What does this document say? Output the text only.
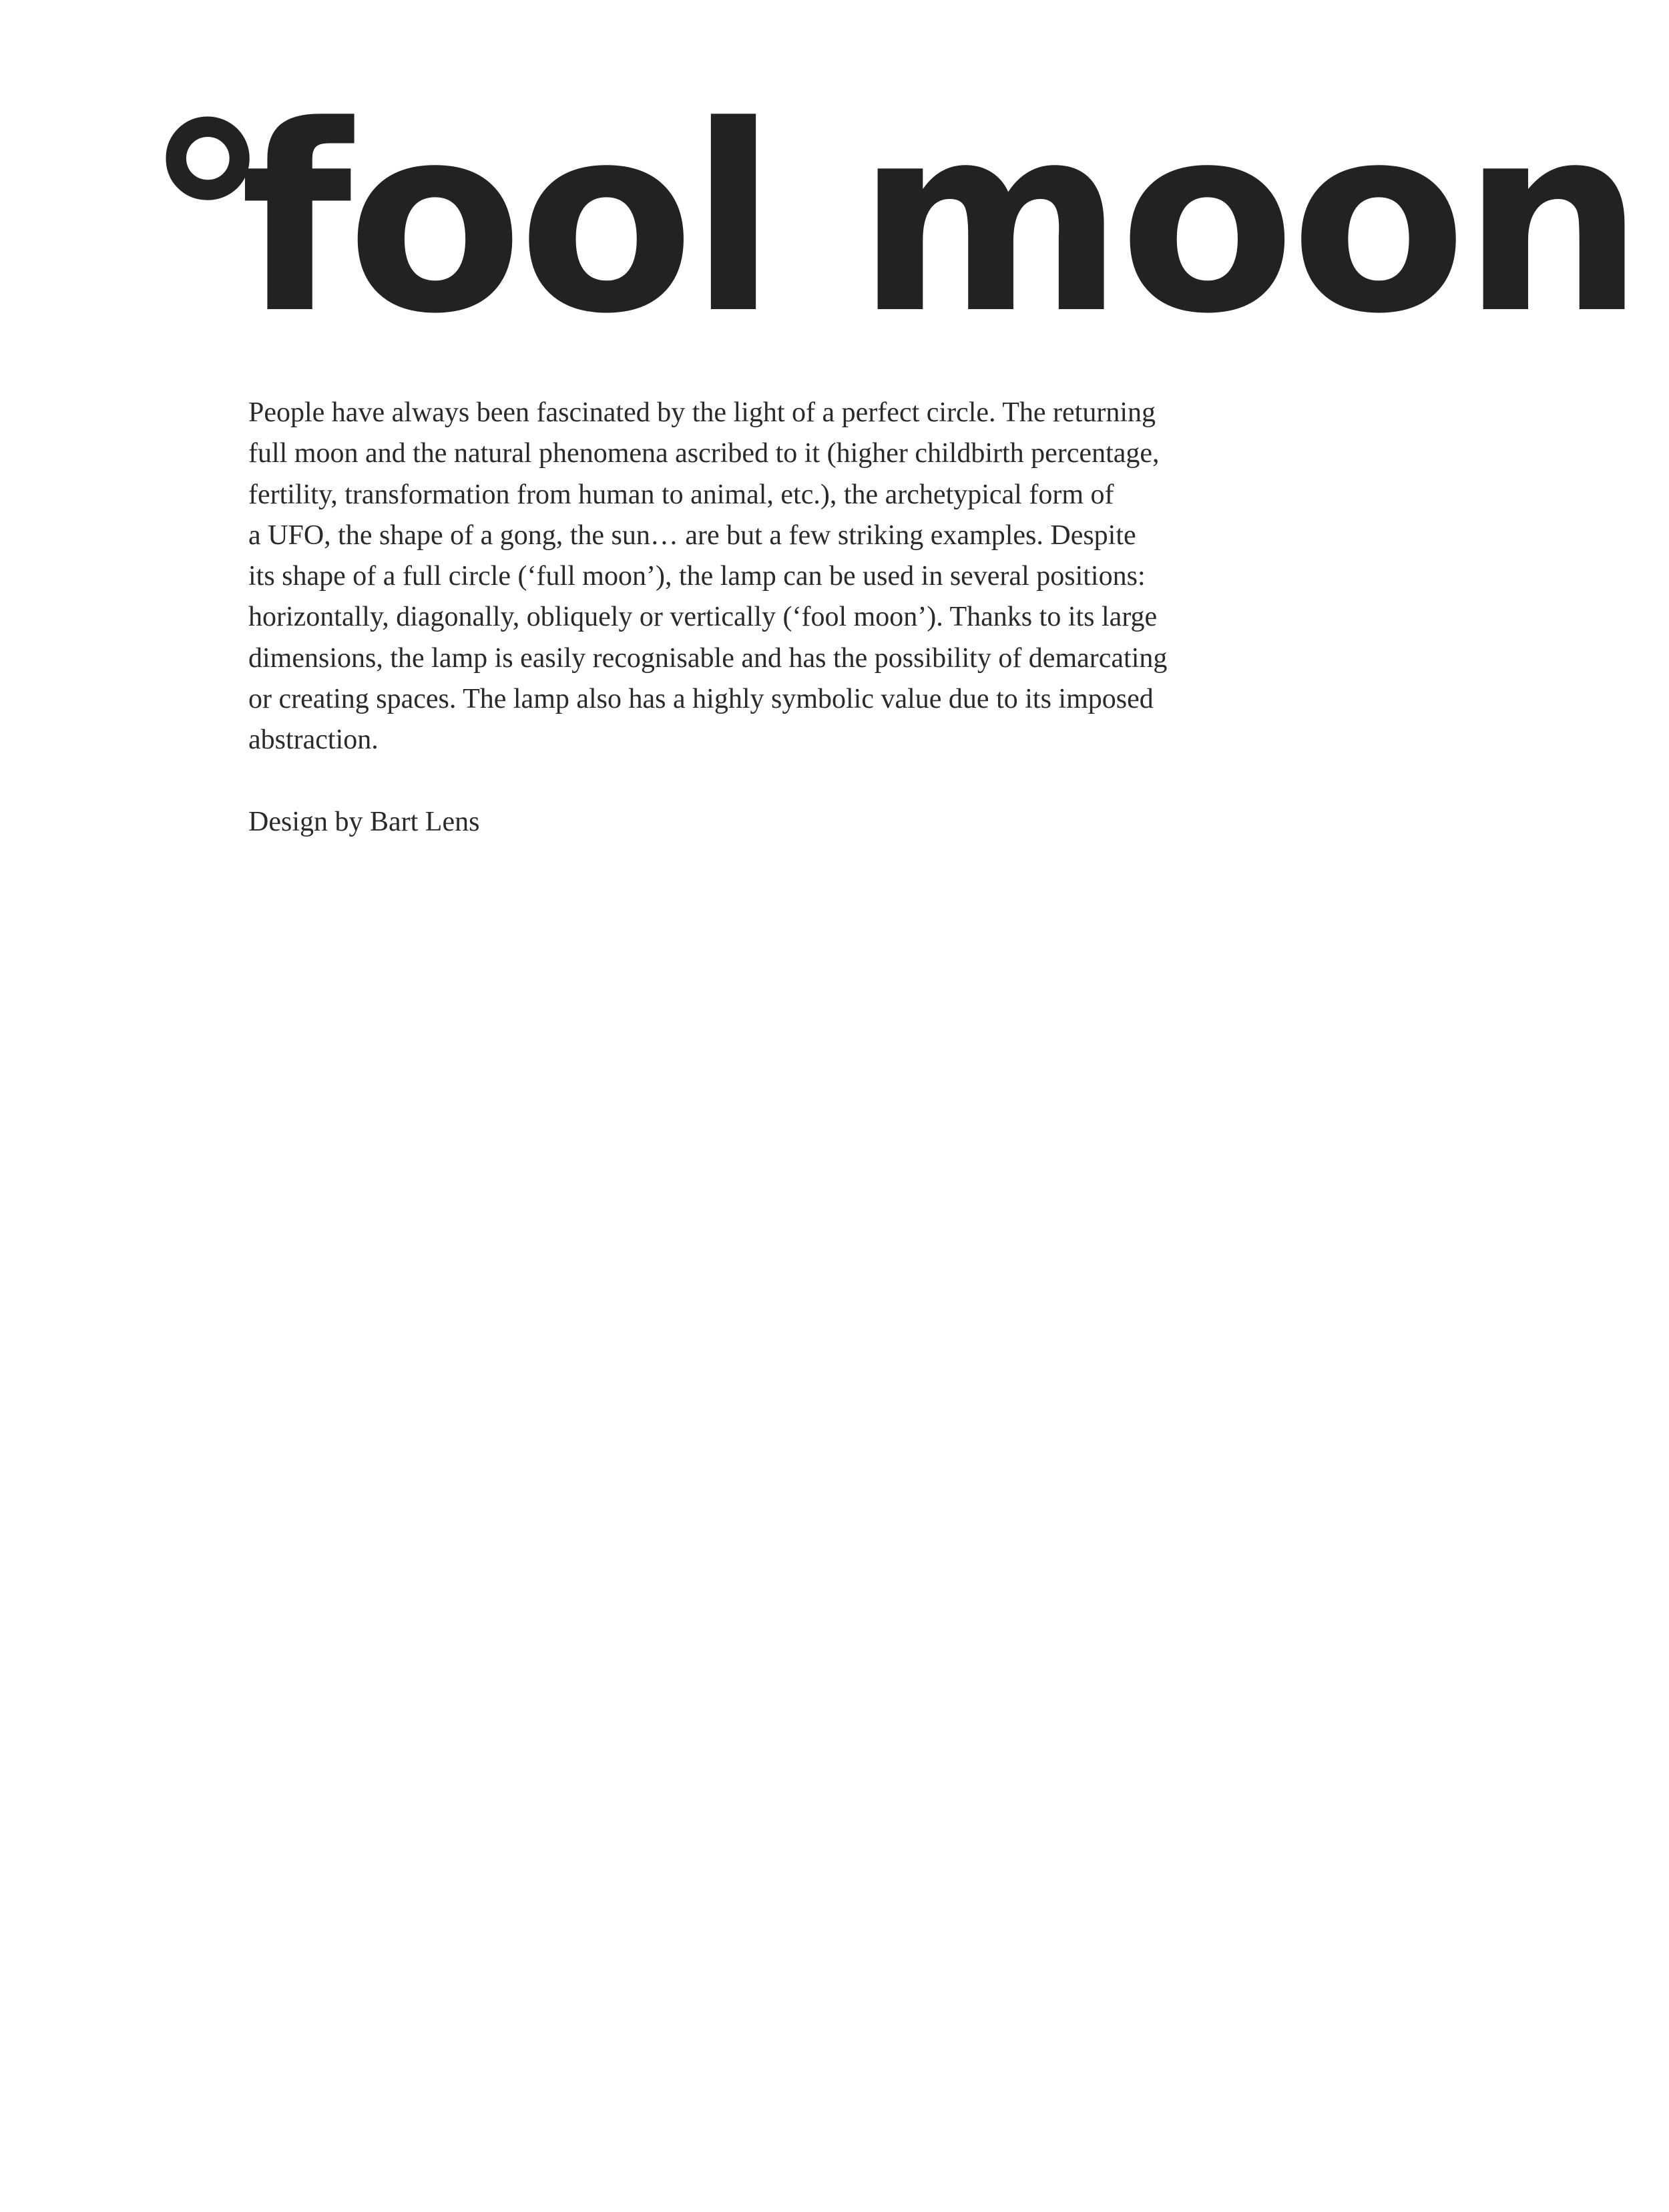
°fool moon
People have always been fascinated by the light of a perfect circle. The returning
full moon and the natural phenomena ascribed to it (higher childbirth percentage,
fertility, transformation from human to animal, etc.), the archetypical form of
a UFO, the shape of a gong, the sun… are but a few striking examples. Despite
its shape of a full circle (‘full moon’), the lamp can be used in several positions:
horizontally, diagonally, obliquely or vertically (‘fool moon’). Thanks to its large
dimensions, the lamp is easily recognisable and has the possibility of demarcating
or creating spaces. The lamp also has a highly symbolic value due to its imposed
abstraction.
Design by Bart Lens
